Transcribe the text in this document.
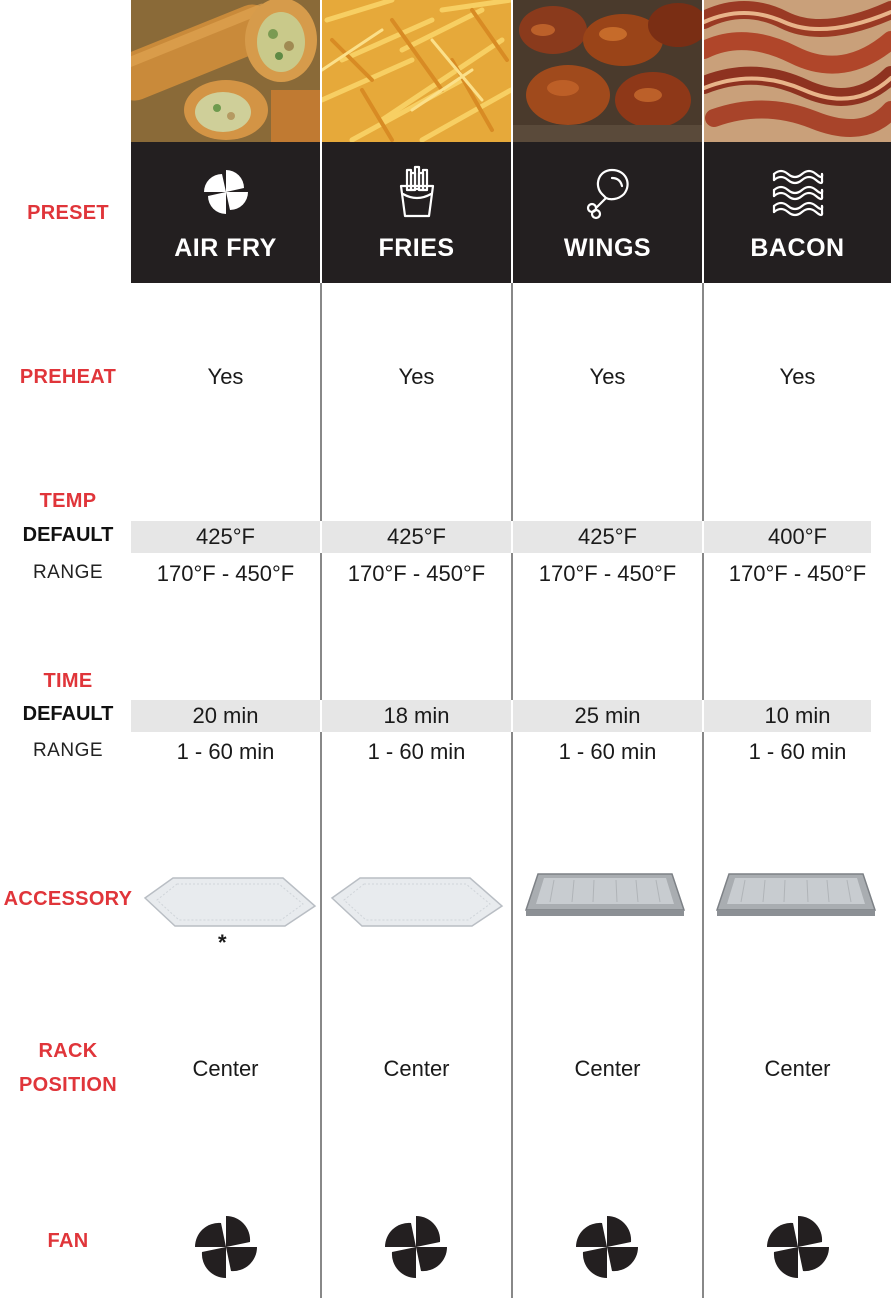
PRESET
PREHEAT
TEMP
DEFAULT
RANGE
TIME
DEFAULT
RANGE
ACCESSORY
RACK
POSITION
FAN
AIR FRY
Yes
425°F
170°F - 450°F
20 min
1 - 60 min
*
Center
FRIES
Yes
425°F
170°F - 450°F
18 min
1 - 60 min
Center
WINGS
Yes
425°F
170°F - 450°F
25 min
1 - 60 min
Center
BACON
Yes
400°F
170°F - 450°F
10 min
1 - 60 min
Center
